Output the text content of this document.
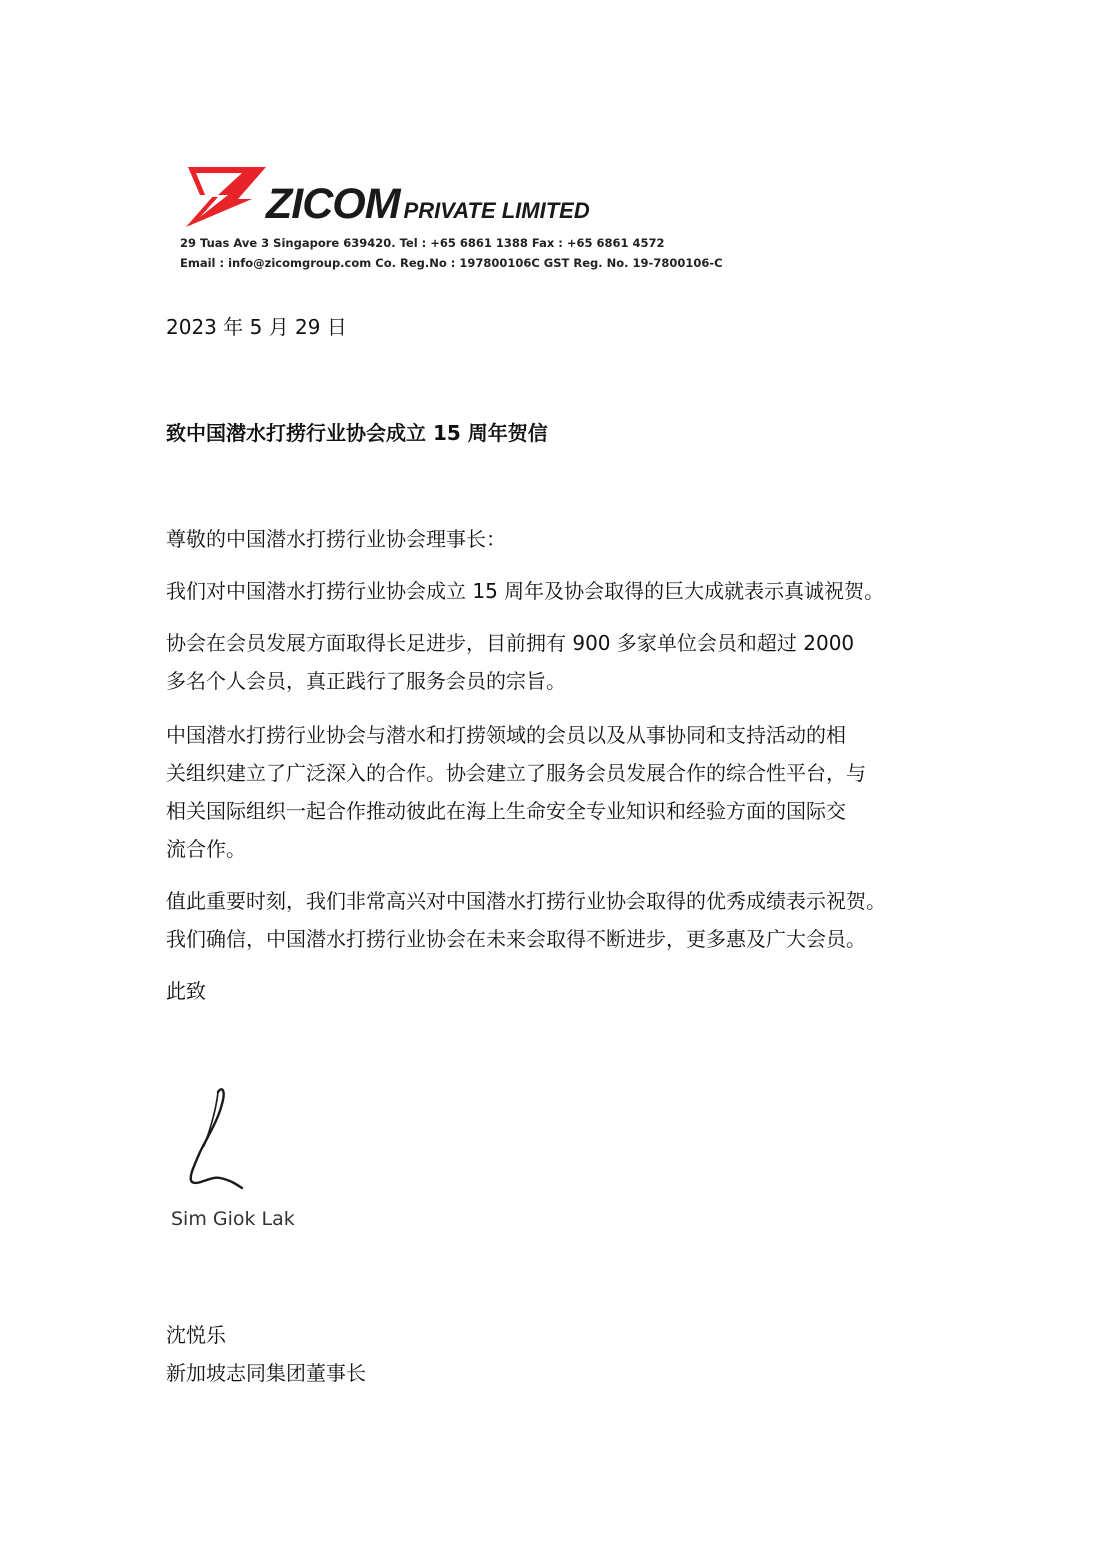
ZICOM PRIVATE LIMITED
29 Tuas Ave 3 Singapore 639420. Tel : +65 6861 1388 Fax : +65 6861 4572
Email : info@zicomgroup.com Co. Reg.No : 197800106C GST Reg. No. 19-7800106-C
2023 年 5 月 29 日
致中国潜水打捞行业协会成立 15 周年贺信
尊敬的中国潜水打捞行业协会理事长：
我们对中国潜水打捞行业协会成立 15 周年及协会取得的巨大成就表示真诚祝贺。
协会在会员发展方面取得长足进步，目前拥有 900 多家单位会员和超过 2000
多名个人会员，真正践行了服务会员的宗旨。
中国潜水打捞行业协会与潜水和打捞领域的会员以及从事协同和支持活动的相
关组织建立了广泛深入的合作。协会建立了服务会员发展合作的综合性平台，与
相关国际组织一起合作推动彼此在海上生命安全专业知识和经验方面的国际交
流合作。
值此重要时刻，我们非常高兴对中国潜水打捞行业协会取得的优秀成绩表示祝贺。
我们确信，中国潜水打捞行业协会在未来会取得不断进步，更多惠及广大会员。
此致
Sim Giok Lak
沈悦乐
新加坡志同集团董事长
